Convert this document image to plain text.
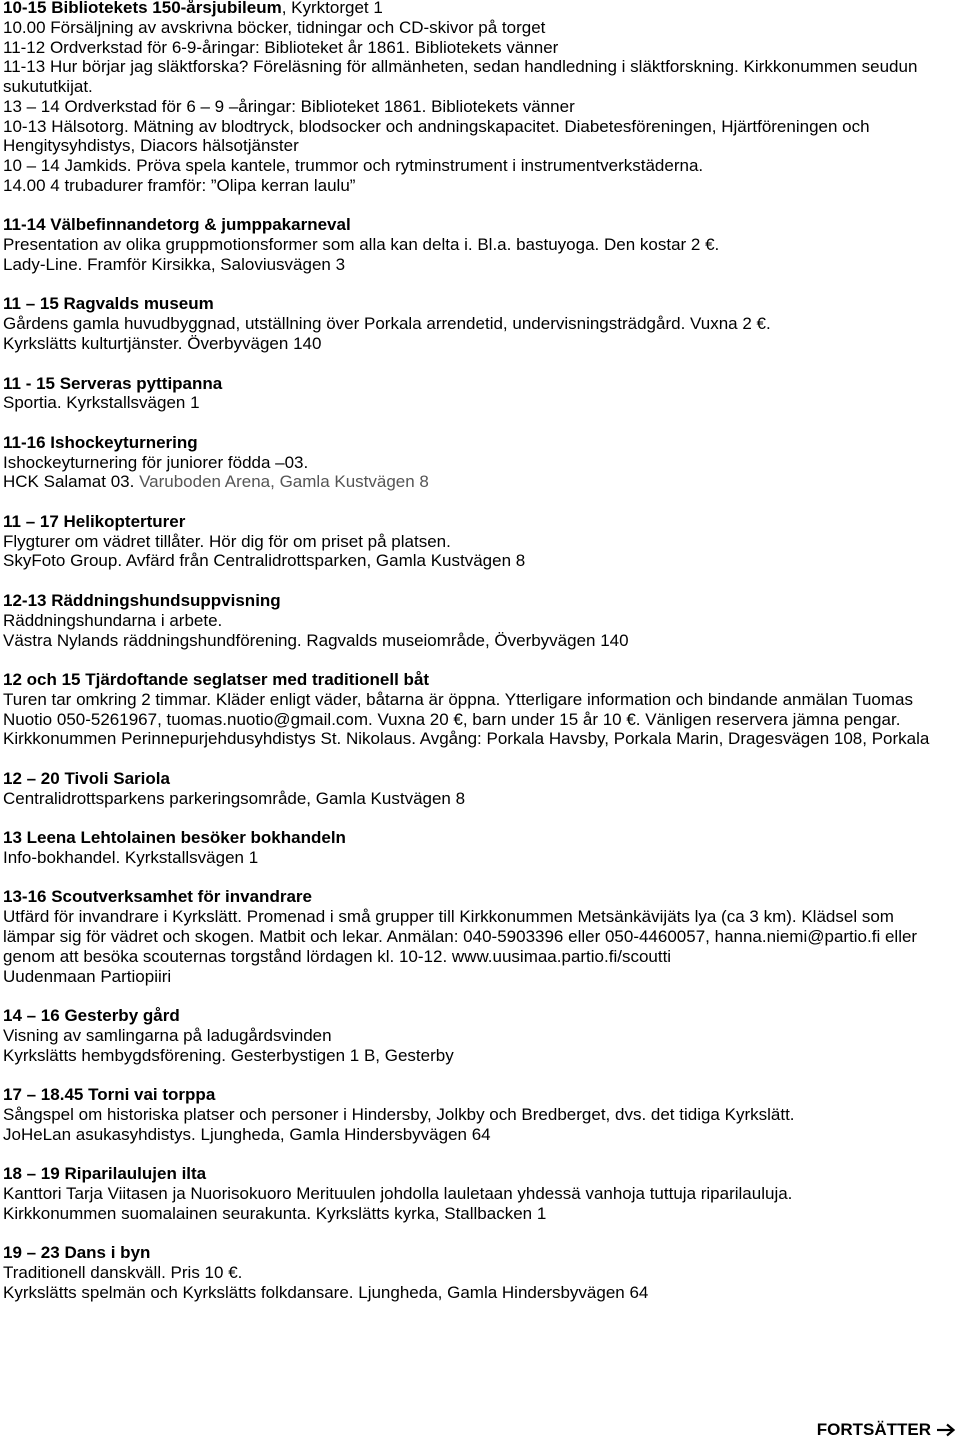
10-15 Bibliotekets 150-årsjubileum, Kyrktorget 1
10.00 Försäljning av avskrivna böcker, tidningar och CD-skivor på torget
11-12 Ordverkstad för 6-9-åringar: Biblioteket år 1861. Bibliotekets vänner
11-13 Hur börjar jag släktforska? Föreläsning för allmänheten, sedan handledning i släktforskning. Kirkkonummen seudun
sukututkijat.
13 – 14 Ordverkstad för 6 – 9 –åringar: Biblioteket 1861. Bibliotekets vänner
10-13 Hälsotorg. Mätning av blodtryck, blodsocker och andningskapacitet. Diabetesföreningen, Hjärtföreningen och
Hengitysyhdistys, Diacors hälsotjänster
10 – 14 Jamkids. Pröva spela kantele, trummor och rytminstrument i instrumentverkstäderna.
14.00 4 trubadurer framför: ”Olipa kerran laulu”
11-14 Välbefinnandetorg & jumppakarneval
Presentation av olika gruppmotionsformer som alla kan delta i. Bl.a. bastuyoga. Den kostar 2 €.
Lady-Line. Framför Kirsikka, Saloviusvägen 3
11 – 15 Ragvalds museum
Gårdens gamla huvudbyggnad, utställning över Porkala arrendetid, undervisningsträdgård. Vuxna 2 €.
Kyrkslätts kulturtjänster. Överbyvägen 140
11 - 15 Serveras pyttipanna
Sportia. Kyrkstallsvägen 1
11-16 Ishockeyturnering
Ishockeyturnering för juniorer födda –03.
HCK Salamat 03. Varuboden Arena, Gamla Kustvägen 8
11 – 17 Helikopterturer
Flygturer om vädret tillåter. Hör dig för om priset på platsen.
SkyFoto Group. Avfärd från Centralidrottsparken, Gamla Kustvägen 8
12-13 Räddningshundsuppvisning
Räddningshundarna i arbete.
Västra Nylands räddningshundförening. Ragvalds museiområde, Överbyvägen 140
12 och 15 Tjärdoftande seglatser med traditionell båt
Turen tar omkring 2 timmar. Kläder enligt väder, båtarna är öppna. Ytterligare information och bindande anmälan Tuomas
Nuotio 050-5261967, tuomas.nuotio@gmail.com. Vuxna 20 €, barn under 15 år 10 €. Vänligen reservera jämna pengar.
Kirkkonummen Perinnepurjehdusyhdistys St. Nikolaus. Avgång: Porkala Havsby, Porkala Marin, Dragesvägen 108, Porkala
12 – 20 Tivoli Sariola
Centralidrottsparkens parkeringsområde, Gamla Kustvägen 8
13 Leena Lehtolainen besöker bokhandeln
Info-bokhandel. Kyrkstallsvägen 1
13-16 Scoutverksamhet för invandrare
Utfärd för invandrare i Kyrkslätt. Promenad i små grupper till Kirkkonummen Metsänkävijäts lya (ca 3 km). Klädsel som
lämpar sig för vädret och skogen. Matbit och lekar. Anmälan: 040-5903396 eller 050-4460057, hanna.niemi@partio.fi eller
genom att besöka scouternas torgstånd lördagen kl. 10-12. www.uusimaa.partio.fi/scoutti
Uudenmaan Partiopiiri
14 – 16 Gesterby gård
Visning av samlingarna på ladugårdsvinden
Kyrkslätts hembygdsförening. Gesterbystigen 1 B, Gesterby
17 – 18.45 Torni vai torppa
Sångspel om historiska platser och personer i Hindersby, Jolkby och Bredberget, dvs. det tidiga Kyrkslätt.
JoHeLan asukasyhdistys. Ljungheda, Gamla Hindersbyvägen 64
18 – 19 Riparilaulujen ilta
Kanttori Tarja Viitasen ja Nuorisokuoro Merituulen johdolla lauletaan yhdessä vanhoja tuttuja riparilauluja.
Kirkkonummen suomalainen seurakunta. Kyrkslätts kyrka, Stallbacken 1
19 – 23 Dans i byn
Traditionell danskväll. Pris 10 €.
Kyrkslätts spelmän och Kyrkslätts folkdansare. Ljungheda, Gamla Hindersbyvägen 64
FORTSÄTTER
